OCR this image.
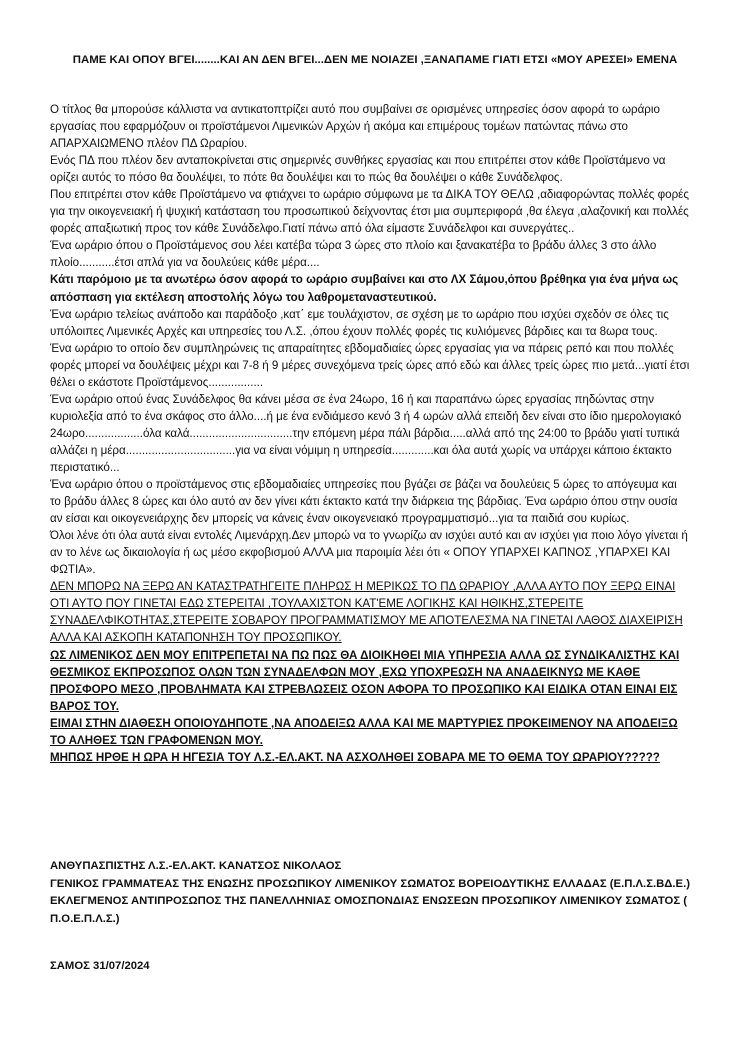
ΠΑΜΕ ΚΑΙ ΟΠΟΥ ΒΓΕΙ........ΚΑΙ ΑΝ ΔΕΝ ΒΓΕΙ...ΔΕΝ ΜΕ ΝΟΙΑΖΕΙ ,ΞΑΝΑΠΑΜΕ ΓΙΑΤΙ ΕΤΣΙ «ΜΟΥ ΑΡΕΣΕΙ» ΕΜΕΝΑ

Ο τίτλος θα μπορούσε κάλλιστα να αντικατοπτρίζει αυτό που συμβαίνει σε ορισμένες υπηρεσίες όσον αφορά το ωράριο εργασίας που εφαρμόζουν οι προϊστάμενοι Λιμενικών Αρχών ή ακόμα και επιμέρους τομέων πατώντας πάνω στο ΑΠΑΡΧΑΙΩΜΕΝΟ πλέον ΠΔ Ωραρίου.

Ενός ΠΔ που πλέον δεν ανταποκρίνεται στις σημερινές συνθήκες εργασίας και που επιτρέπει στον κάθε Προϊστάμενο να ορίζει αυτός το πόσο θα δουλέψει, το πότε θα δουλέψει και το πώς θα δουλέψει ο κάθε Συνάδελφος.

Που επιτρέπει στον κάθε Προϊστάμενο να φτιάχνει το ωράριο σύμφωνα με τα ΔΙΚΑ ΤΟΥ ΘΕΛΩ ,αδιαφορώντας πολλές φορές για την οικογενειακή ή ψυχική κατάσταση του προσωπικού δείχνοντας έτσι μια συμπεριφορά ,θα έλεγα ,αλαζονική και πολλές φορές απαξιωτική προς τον κάθε Συνάδελφο.Γιατί πάνω από όλα είμαστε Συνάδελφοι και συνεργάτες..

Ένα ωράριο όπου ο Προϊστάμενος σου λέει κατέβα τώρα 3 ώρες στο πλοίο και ξανακατέβα το βράδυ άλλες 3 στο άλλο πλοίο...........έτσι απλά για να δουλεύεις κάθε μέρα....

Κάτι παρόμοιο με τα ανωτέρω όσον αφορά το ωράριο συμβαίνει και στο ΛΧ Σάμου,όπου βρέθηκα για ένα μήνα ως απόσπαση για εκτέλεση αποστολής λόγω του λαθρομεταναστευτικού.

Ένα ωράριο τελείως ανάποδο και παράδοξο ,κατ΄ εμε τουλάχιστον, σε σχέση με το ωράριο που ισχύει σχεδόν σε όλες τις υπόλοιπες Λιμενικές Αρχές και υπηρεσίες του Λ.Σ. ,όπου έχουν πολλές φορές τις κυλιόμενες βάρδιες και τα 8ωρα τους.

Ένα ωράριο το οποίο δεν συμπληρώνεις τις απαραίτητες εβδομαδιαίες ώρες εργασίας για να πάρεις ρεπό και που πολλές φορές μπορεί να δουλέψεις μέχρι και 7-8 ή 9 μέρες συνεχόμενα τρείς ώρες από εδώ και άλλες τρείς ώρες πιο μετά...γιατί έτσι θέλει ο εκάστοτε Προϊστάμενος.................

Ένα ωράριο οπού ένας Συνάδελφος θα κάνει μέσα σε ένα 24ωρο, 16 ή και παραπάνω ώρες εργασίας πηδώντας στην κυριολεξία από το ένα σκάφος στο άλλο....ή με ένα ενδιάμεσο κενό 3 ή 4 ωρών αλλά επειδή δεν είναι στο ίδιο ημερολογιακό 24ωρο..................όλα καλά................................την επόμενη μέρα πάλι βάρδια.....αλλά από της 24:00 το βράδυ γιατί τυπικά αλλάζει η μέρα..................................για να είναι νόμιμη η υπηρεσία.............και όλα αυτά χωρίς να υπάρχει κάποιο έκτακτο περιστατικό...

Ένα ωράριο όπου ο προϊστάμενος στις εβδομαδιαίες υπηρεσίες που βγάζει σε βάζει να δουλεύεις 5 ώρες το απόγευμα και το βράδυ άλλες 8 ώρες και όλο αυτό αν δεν γίνει κάτι έκτακτο κατά την διάρκεια της βάρδιας. Ένα ωράριο όπου στην ουσία αν είσαι και οικογενειάρχης δεν μπορείς να κάνεις έναν οικογενειακό προγραμματισμό...για τα παιδιά σου κυρίως.

Όλοι λένε ότι όλα αυτά είναι εντολές Λιμενάρχη.Δεν μπορώ να το γνωρίζω αν ισχύει αυτό και αν ισχύει για ποιο λόγο γίνεται ή αν το λένε ως δικαιολογία ή ως μέσο εκφοβισμού ΑΛΛΑ μια παροιμία λέει ότι « ΟΠΟΥ ΥΠΑΡΧΕΙ ΚΑΠΝΟΣ ,ΥΠΑΡΧΕΙ ΚΑΙ ΦΩΤΙΑ».

ΔΕΝ ΜΠΟΡΩ ΝΑ ΞΕΡΩ ΑΝ ΚΑΤΑΣΤΡΑΤΗΓΕΙΤΕ ΠΛΗΡΩΣ Η ΜΕΡΙΚΩΣ ΤΟ ΠΔ ΩΡΑΡΙΟΥ ,ΑΛΛΑ ΑΥΤΟ ΠΟΥ ΞΕΡΩ ΕΙΝΑΙ ΟΤΙ ΑΥΤΟ ΠΟΥ ΓΙΝΕΤΑΙ ΕΔΩ ΣΤΕΡΕΙΤΑΙ ,ΤΟΥΛΑΧΙΣΤΟΝ ΚΑΤ'ΕΜΕ ΛΟΓΙΚΗΣ ΚΑΙ ΗΘΙΚΗΣ,ΣΤΕΡΕΙΤΕ ΣΥΝΑΔΕΛΦΙΚΟΤΗΤΑΣ,ΣΤΕΡΕΙΤΕ ΣΟΒΑΡΟΥ ΠΡΟΓΡΑΜΜΑΤΙΣΜΟΥ ΜΕ ΑΠΟΤΕΛΕΣΜΑ ΝΑ ΓΙΝΕΤΑΙ ΛΑΘΟΣ ΔΙΑΧΕΙΡΙΣΗ ΑΛΛΑ ΚΑΙ ΑΣΚΟΠΗ ΚΑΤΑΠΟΝΗΣΗ ΤΟΥ ΠΡΟΣΩΠΙΚΟΥ.

ΩΣ ΛΙΜΕΝΙΚΟΣ ΔΕΝ ΜΟΥ ΕΠΙΤΡΕΠΕΤΑΙ ΝΑ ΠΩ ΠΩΣ ΘΑ ΔΙΟΙΚΗΘΕΙ ΜΙΑ ΥΠΗΡΕΣΙΑ ΑΛΛΑ ΩΣ ΣΥΝΔΙΚΑΛΙΣΤΗΣ ΚΑΙ ΘΕΣΜΙΚΟΣ ΕΚΠΡΟΣΩΠΟΣ ΟΛΩΝ ΤΩΝ ΣΥΝΑΔΕΛΦΩΝ ΜΟΥ ,ΕΧΩ ΥΠΟΧΡΕΩΣΗ ΝΑ ΑΝΑΔΕΙΚΝΥΩ ΜΕ ΚΑΘΕ ΠΡΟΣΦΟΡΟ ΜΕΣΟ ,ΠΡΟΒΛΗΜΑΤΑ ΚΑΙ ΣΤΡΕΒΛΩΣΕΙΣ ΟΣΟΝ ΑΦΟΡΑ ΤΟ ΠΡΟΣΩΠΙΚΟ ΚΑΙ ΕΙΔΙΚΑ ΟΤΑΝ ΕΙΝΑΙ ΕΙΣ ΒΑΡΟΣ ΤΟΥ.

ΕΙΜΑΙ ΣΤΗΝ ΔΙΑΘΕΣΗ ΟΠΟΙΟΥΔΗΠΟΤΕ ,ΝΑ ΑΠΟΔΕΙΞΩ ΑΛΛΑ ΚΑΙ ΜΕ ΜΑΡΤΥΡΙΕΣ ΠΡΟΚΕΙΜΕΝΟΥ ΝΑ ΑΠΟΔΕΙΞΩ ΤΟ ΑΛΗΘΕΣ ΤΩΝ ΓΡΑΦΟΜΕΝΩΝ ΜΟΥ.

ΜΗΠΩΣ ΗΡΘΕ Η ΩΡΑ Η ΗΓΕΣΙΑ ΤΟΥ Λ.Σ.-ΕΛ.ΑΚΤ. ΝΑ ΑΣΧΟΛΗΘΕΙ ΣΟΒΑΡΑ ΜΕ ΤΟ ΘΕΜΑ ΤΟΥ ΩΡΑΡΙΟΥ?????

ΑΝΘΥΠΑΣΠΙΣΤΗΣ Λ.Σ.-ΕΛ.ΑΚΤ. ΚΑΝΑΤΣΟΣ ΝΙΚΟΛΑΟΣ
ΓΕΝΙΚΟΣ ΓΡΑΜΜΑΤΕΑΣ ΤΗΣ ΕΝΩΣΗΣ ΠΡΟΣΩΠΙΚΟΥ ΛΙΜΕΝΙΚΟΥ ΣΩΜΑΤΟΣ ΒΟΡΕΙΟΔΥΤΙΚΗΣ ΕΛΛΑΔΑΣ (Ε.Π.Λ.Σ.ΒΔ.Ε.)
ΕΚΛΕΓΜΕΝΟΣ ΑΝΤΙΠΡΟΣΩΠΟΣ ΤΗΣ ΠΑΝΕΛΛΗΝΙΑΣ ΟΜΟΣΠΟΝΔΙΑΣ ΕΝΩΣΕΩΝ ΠΡΟΣΩΠΙΚΟΥ ΛΙΜΕΝΙΚΟΥ ΣΩΜΑΤΟΣ ( Π.Ο.Ε.Π.Λ.Σ.)
ΣΑΜΟΣ 31/07/2024
